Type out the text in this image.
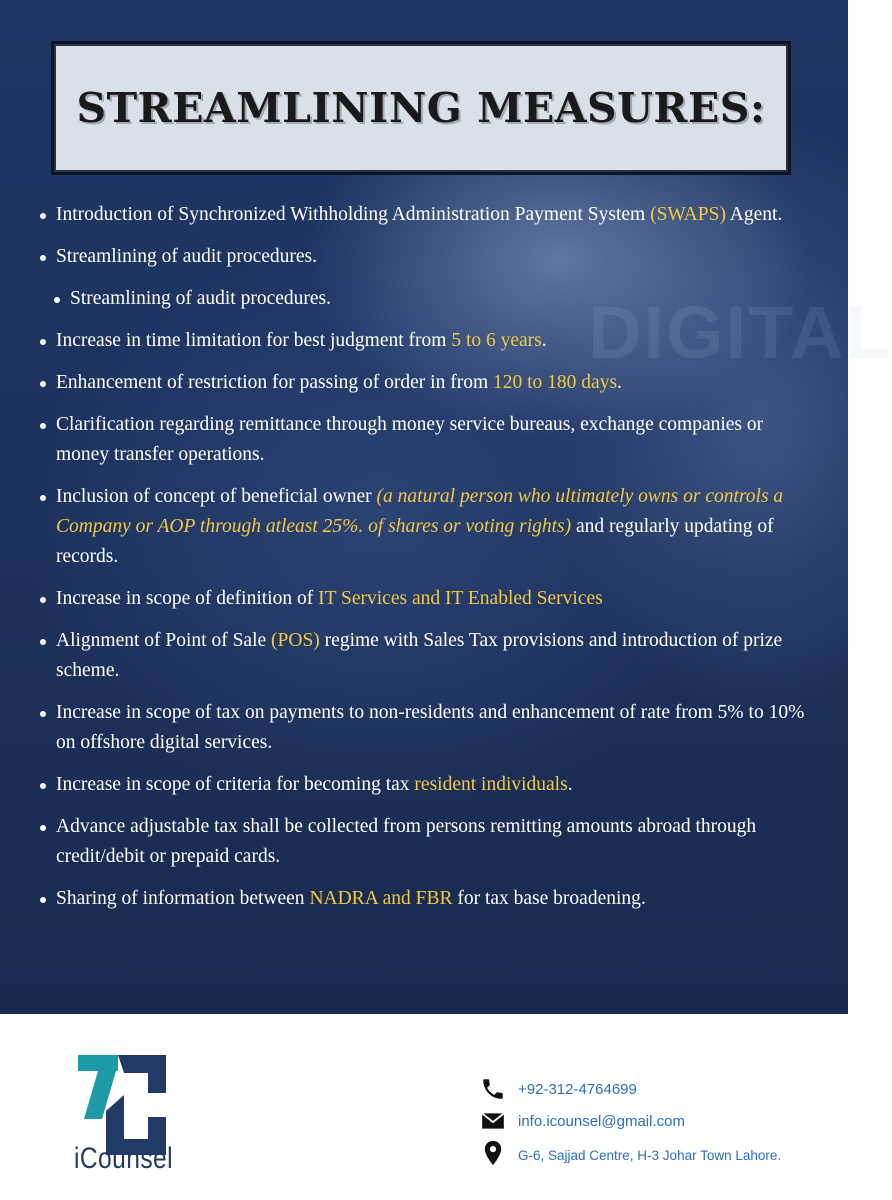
DIGITAL
STREAMLINING MEASURES:
Introduction of Synchronized Withholding Administration Payment System (SWAPS) Agent.
Streamlining of audit procedures.
Streamlining of audit procedures.
Increase in time limitation for best judgment from 5 to 6 years.
Enhancement of restriction for passing of order in from 120 to 180 days.
Clarification regarding remittance through money service bureaus, exchange companies or money transfer operations.
Inclusion of concept of beneficial owner (a natural person who ultimately owns or controls a Company or AOP through atleast 25%. of shares or voting rights) and regularly updating of records.
Increase in scope of definition of IT Services and IT Enabled Services
Alignment of Point of Sale (POS) regime with Sales Tax provisions and introduction of prize scheme.
Increase in scope of tax on payments to non-residents and enhancement of rate from 5% to 10% on offshore digital services.
Increase in scope of criteria for becoming tax resident individuals.
Advance adjustable tax shall be collected from persons remitting amounts abroad through credit/debit or prepaid cards.
Sharing of information between NADRA and FBR for tax base broadening.
iCounsel
+92-312-4764699
info.icounsel@gmail.com
G-6, Sajjad Centre, H-3 Johar Town Lahore.
